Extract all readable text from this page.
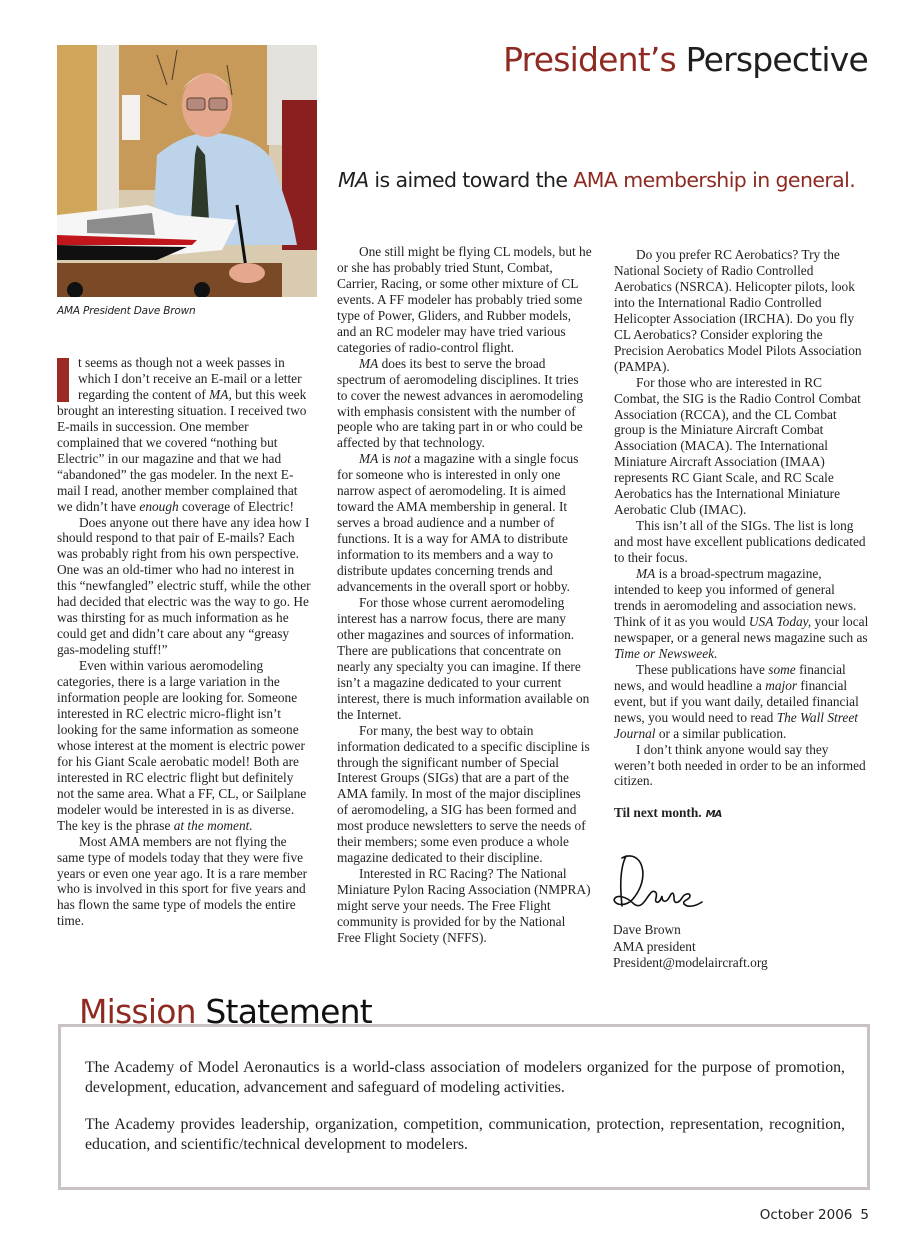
AMA President Dave Brown
President’s Perspective
MA is aimed toward the AMA membership in general.

t seems as though not a week passes in which I don’t receive an E-mail or a letter regarding the content of MA, but this week brought an interesting situation. I received two E-mails in succession. One member complained that we covered “nothing but Electric” in our magazine and that we had “abandoned” the gas modeler. In the next E-mail I read, another member complained that we didn’t have enough coverage of Electric!

Does anyone out there have any idea how I should respond to that pair of E-mails? Each was probably right from his own perspective. One was an old-timer who had no interest in this “newfangled” electric stuff, while the other had decided that electric was the way to go. He was thirsting for as much information as he could get and didn’t care about any “greasy gas-modeling stuff!”

Even within various aeromodeling categories, there is a large variation in the information people are looking for. Someone interested in RC electric micro-flight isn’t looking for the same information as someone whose interest at the moment is electric power for his Giant Scale aerobatic model! Both are interested in RC electric flight but definitely not the same area. What a FF, CL, or Sailplane modeler would be interested in is as diverse. The key is the phrase at the moment.

Most AMA members are not flying the same type of models today that they were five years or even one year ago. It is a rare member who is involved in this sport for five years and has flown the same type of models the entire time.

One still might be flying CL models, but he or she has probably tried Stunt, Combat, Carrier, Racing, or some other mixture of CL events. A FF modeler has probably tried some type of Power, Gliders, and Rubber models, and an RC modeler may have tried various categories of radio-control flight.

MA does its best to serve the broad spectrum of aeromodeling disciplines. It tries to cover the newest advances in aeromodeling with emphasis consistent with the number of people who are taking part in or who could be affected by that technology.

MA is not a magazine with a single focus for someone who is interested in only one narrow aspect of aeromodeling. It is aimed toward the AMA membership in general. It serves a broad audience and a number of functions. It is a way for AMA to distribute information to its members and a way to distribute updates concerning trends and advancements in the overall sport or hobby.

For those whose current aeromodeling interest has a narrow focus, there are many other magazines and sources of information. There are publications that concentrate on nearly any specialty you can imagine. If there isn’t a magazine dedicated to your current interest, there is much information available on the Internet.

For many, the best way to obtain information dedicated to a specific discipline is through the significant number of Special Interest Groups (SIGs) that are a part of the AMA family. In most of the major disciplines of aeromodeling, a SIG has been formed and most produce newsletters to serve the needs of their members; some even produce a whole magazine dedicated to their discipline.

Interested in RC Racing? The National Miniature Pylon Racing Association (NMPRA) might serve your needs. The Free Flight community is provided for by the National Free Flight Society (NFFS).

Do you prefer RC Aerobatics? Try the National Society of Radio Controlled Aerobatics (NSRCA). Helicopter pilots, look into the International Radio Controlled Helicopter Association (IRCHA). Do you fly CL Aerobatics? Consider exploring the Precision Aerobatics Model Pilots Association (PAMPA).

For those who are interested in RC Combat, the SIG is the Radio Control Combat Association (RCCA), and the CL Combat group is the Miniature Aircraft Combat Association (MACA). The International Miniature Aircraft Association (IMAA) represents RC Giant Scale, and RC Scale Aerobatics has the International Miniature Aerobatic Club (IMAC).

This isn’t all of the SIGs. The list is long and most have excellent publications dedicated to their focus.

MA is a broad-spectrum magazine, intended to keep you informed of general trends in aeromodeling and association news. Think of it as you would USA Today, your local newspaper, or a general news magazine such as Time or Newsweek.

These publications have some financial news, and would headline a major financial event, but if you want daily, detailed financial news, you would need to read The Wall Street Journal or a similar publication.

I don’t think anyone would say they weren’t both needed in order to be an informed citizen.

Til next month. MA

Dave Brown
AMA president
President@modelaircraft.org
Mission Statement

The Academy of Model Aeronautics is a world-class association of modelers organized for the purpose of promotion, development, education, advancement and safeguard of modeling activities.

The Academy provides leadership, organization, competition, communication, protection, representation, recognition, education, and scientific/technical development to modelers.

October 2006 5
